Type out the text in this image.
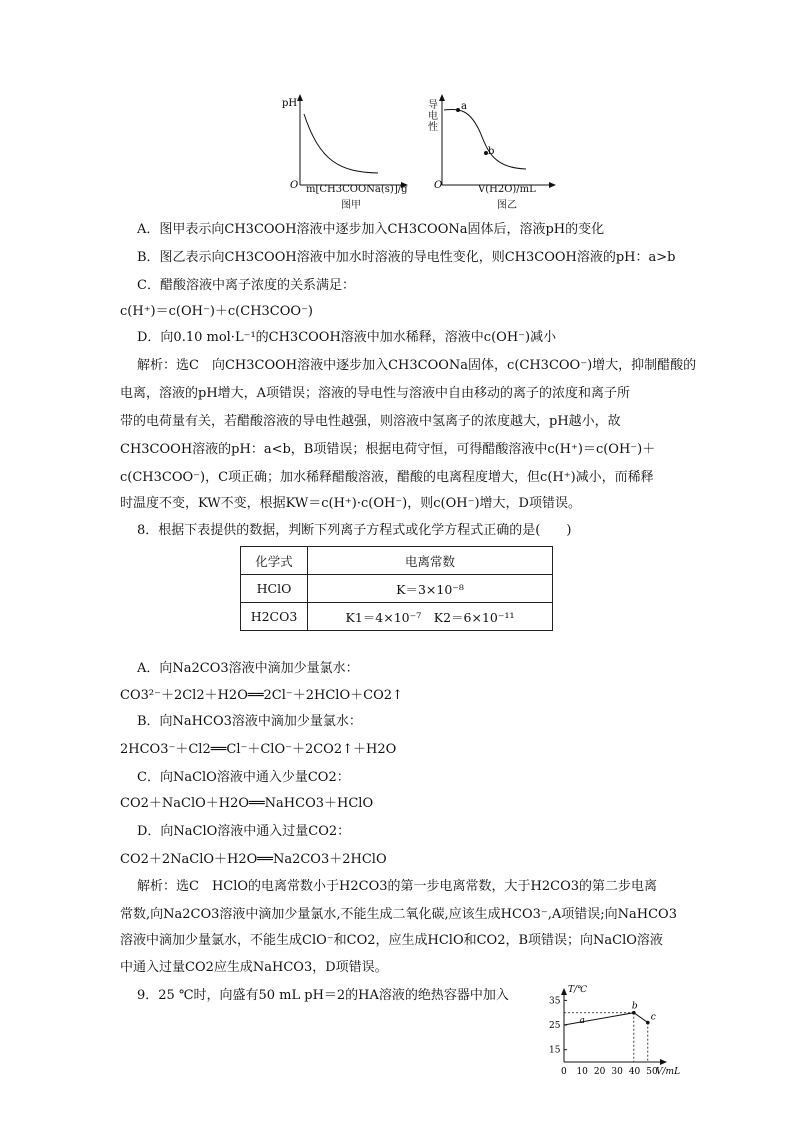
pH
O m[CH3COONa(s)]/g
图甲
a
b
O
导
电
性
V(H2O)/mL
图乙
A．图甲表示向CH3COOH溶液中逐步加入CH3COONa固体后，溶液pH的变化
B．图乙表示向CH3COOH溶液中加水时溶液的导电性变化，则CH3COOH溶液的pH：a>b
C．醋酸溶液中离子浓度的关系满足：
c(H⁺)＝c(OH⁻)＋c(CH3COO⁻)
D．向0.10 mol·L⁻¹的CH3COOH溶液中加水稀释，溶液中c(OH⁻)减小
解析：选C　向CH3COOH溶液中逐步加入CH3COONa固体，c(CH3COO⁻)增大，抑制醋酸的
电离，溶液的pH增大，A项错误；溶液的导电性与溶液中自由移动的离子的浓度和离子所
带的电荷量有关，若醋酸溶液的导电性越强，则溶液中氢离子的浓度越大，pH越小，故
CH3COOH溶液的pH：a<b，B项错误；根据电荷守恒，可得醋酸溶液中c(H⁺)＝c(OH⁻)＋
c(CH3COO⁻)，C项正确；加水稀释醋酸溶液，醋酸的电离程度增大，但c(H⁺)减小，而稀释
时温度不变，KW不变，根据KW＝c(H⁺)·c(OH⁻)，则c(OH⁻)增大，D项错误。
8．根据下表提供的数据，判断下列离子方程式或化学方程式正确的是(　　)
化学式	电离常数
HClO	K＝3×10⁻⁸
H2CO3	K1＝4×10⁻⁷　K2＝6×10⁻¹¹
A．向Na2CO3溶液中滴加少量氯水：
CO3²⁻＋2Cl2＋H2O══2Cl⁻＋2HClO＋CO2↑
B．向NaHCO3溶液中滴加少量氯水：
2HCO3⁻＋Cl2══Cl⁻＋ClO⁻＋2CO2↑＋H2O
C．向NaClO溶液中通入少量CO2：
CO2＋NaClO＋H2O══NaHCO3＋HClO
D．向NaClO溶液中通入过量CO2：
CO2＋2NaClO＋H2O══Na2CO3＋2HClO
解析：选C　HClO的电离常数小于H2CO3的第一步电离常数，大于H2CO3的第二步电离
常数,向Na2CO3溶液中滴加少量氯水,不能生成二氧化碳,应该生成HCO3⁻,A项错误;向NaHCO3
溶液中滴加少量氯水，不能生成ClO⁻和CO2，应生成HClO和CO2，B项错误；向NaClO溶液
中通入过量CO2应生成NaHCO3，D项错误。
9．25 ℃时，向盛有50 mL pH＝2的HA溶液的绝热容器中加入
15
25
35
0 10 20 30 40 50
T/℃
V/mL
a
b
c
